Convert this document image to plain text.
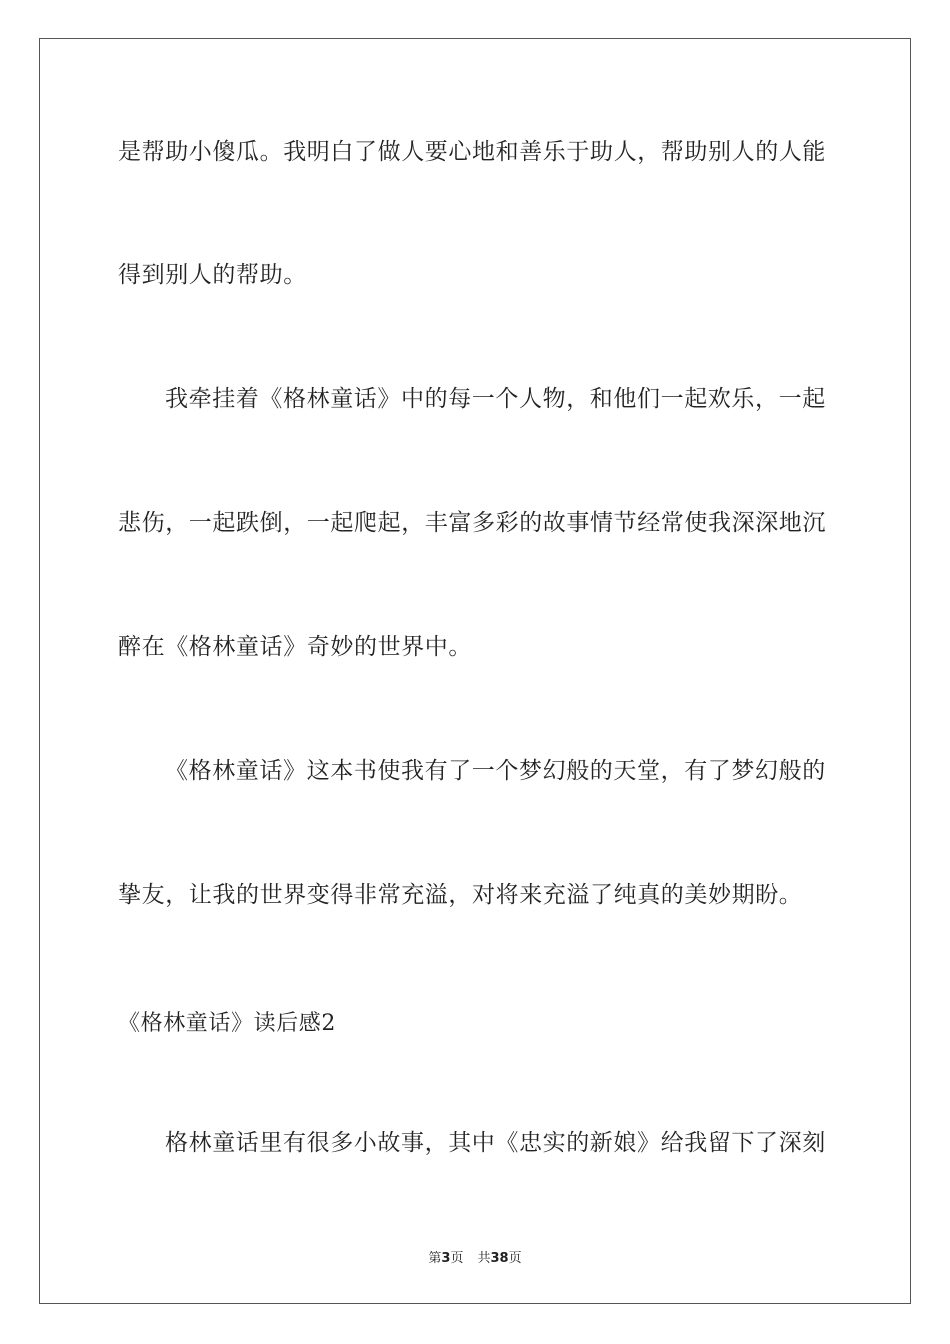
是帮助小傻瓜。我明白了做人要心地和善乐于助人，帮助别人的人能
得到别人的帮助。
我牵挂着《格林童话》中的每一个人物，和他们一起欢乐，一起
悲伤，一起跌倒，一起爬起，丰富多彩的故事情节经常使我深深地沉
醉在《格林童话》奇妙的世界中。
《格林童话》这本书使我有了一个梦幻般的天堂，有了梦幻般的
挚友，让我的世界变得非常充溢，对将来充溢了纯真的美妙期盼。
《格林童话》读后感2
格林童话里有很多小故事，其中《忠实的新娘》给我留下了深刻
第3页 共38页
